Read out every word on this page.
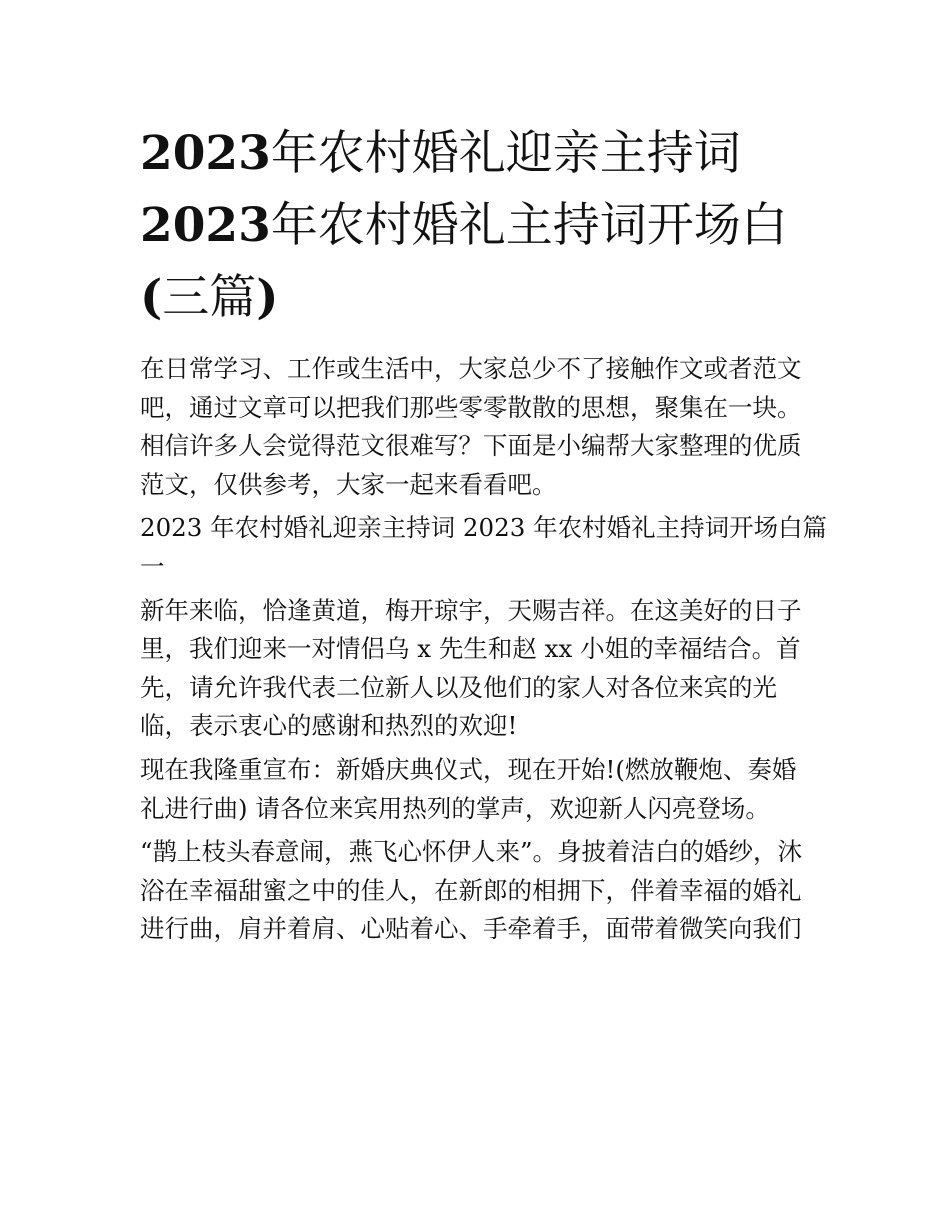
2023年农村婚礼迎亲主持词
2023年农村婚礼主持词开场白
(三篇)

在日常学习、工作或生活中，大家总少不了接触作文或者范文
吧，通过文章可以把我们那些零零散散的思想，聚集在一块。
相信许多人会觉得范文很难写？下面是小编帮大家整理的优质
范文，仅供参考，大家一起来看看吧。

2023 年农村婚礼迎亲主持词 2023 年农村婚礼主持词开场白篇
一

新年来临，恰逢黄道，梅开琼宇，天赐吉祥。在这美好的日子
里，我们迎来一对情侣乌 x 先生和赵 xx 小姐的幸福结合。首
先，请允许我代表二位新人以及他们的家人对各位来宾的光
临，表示衷心的感谢和热烈的欢迎!

现在我隆重宣布：新婚庆典仪式，现在开始!(燃放鞭炮、奏婚
礼进行曲) 请各位来宾用热列的掌声，欢迎新人闪亮登场。

“鹊上枝头春意闹，燕飞心怀伊人来”。身披着洁白的婚纱，沐
浴在幸福甜蜜之中的佳人，在新郎的相拥下，伴着幸福的婚礼
进行曲，肩并着肩、心贴着心、手牵着手，面带着微笑向我们
